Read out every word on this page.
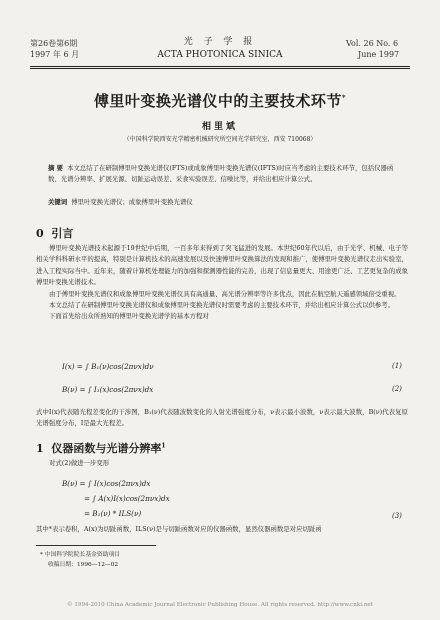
第26卷第6期
1997 年 6 月
光 子 学 报
ACTA PHOTONICA SINICA
Vol. 26 No. 6
June 1997
傅里叶变换光谱仪中的主要技术环节*
相里斌
（中国科学院西安光学精密机械研究所空间光学研究室，西安 710068）
摘 要 本文总结了在研制傅里叶变换光谱仪(FTS)或成象傅里叶变换光谱仪(IFTS)时应当考虑的主要技术环节，包括仪器函数、光谱分辨率、扩展光源、切趾运动误差、采食实验误差、信噪比等，并给出相应计算公式。
关键词 傅里叶变换光谱仪；成象傅里叶变换光谱仪
0 引言
傅里叶变换光谱技术起源于19世纪中后期，一百多年来得到了突飞猛进的发展。本世纪60年代以后，由于光学、机械、电子等相关学科科研水平的提高，特别是计算机技术的高速发展以及快速傅里叶变换算法的发现和推广，使傅里叶变换光谱仪走出实验室，进入工程实际当中。近年来，随着计算机处理能力的加强和探测器性能的完善，出现了信息量更大、用途更广泛、工艺更复杂的成象傅里叶变换光谱技术。
由于傅里叶变换光谱仪和成象傅里叶变换光谱仪具有高通量、高光谱分辨率等许多优点，因此在航空航天遥感领域倍受重视。
本文总结了在研制傅里叶变换光谱仪和成象傅里叶变换光谱仪时需要考虑的主要技术环节，并给出相应计算公式以供参考。
下面首先给出众所熟知的傅里叶变换光谱学的基本方程对
I(x) = ∫ B₁(ν)cos(2πνx)dν	(1)
B(ν) = ∫ I₁(x)cos(2πνx)dx	(2)
式中I(x)代表随光程差变化的干涉图，B₁(ν)代表随波数变化的入射光谱强度分布，ν表示最小波数，ν表示最大波数，B(ν)代表复原光谱强度分布，I是最大光程差。
1 仪器函数与光谱分辨率$^1$
对式(2)做进一步变形
B(ν) = ∫ I(x)cos(2πνx)dx
= ∫ A(x)I(x)cos(2πνx)dx
= B₁(ν) * ILS(ν)	(3)
其中*表示卷积，A(x)为切趾函数，ILS(ν)是与切趾函数对应的仪器函数，显然仪器函数是对应切趾函
* 中国科学院院长基金资助项目
收稿日期：1996—12—02
© 1994-2010 China Academic Journal Electronic Publishing House. All rights reserved. http://www.cnki.net
